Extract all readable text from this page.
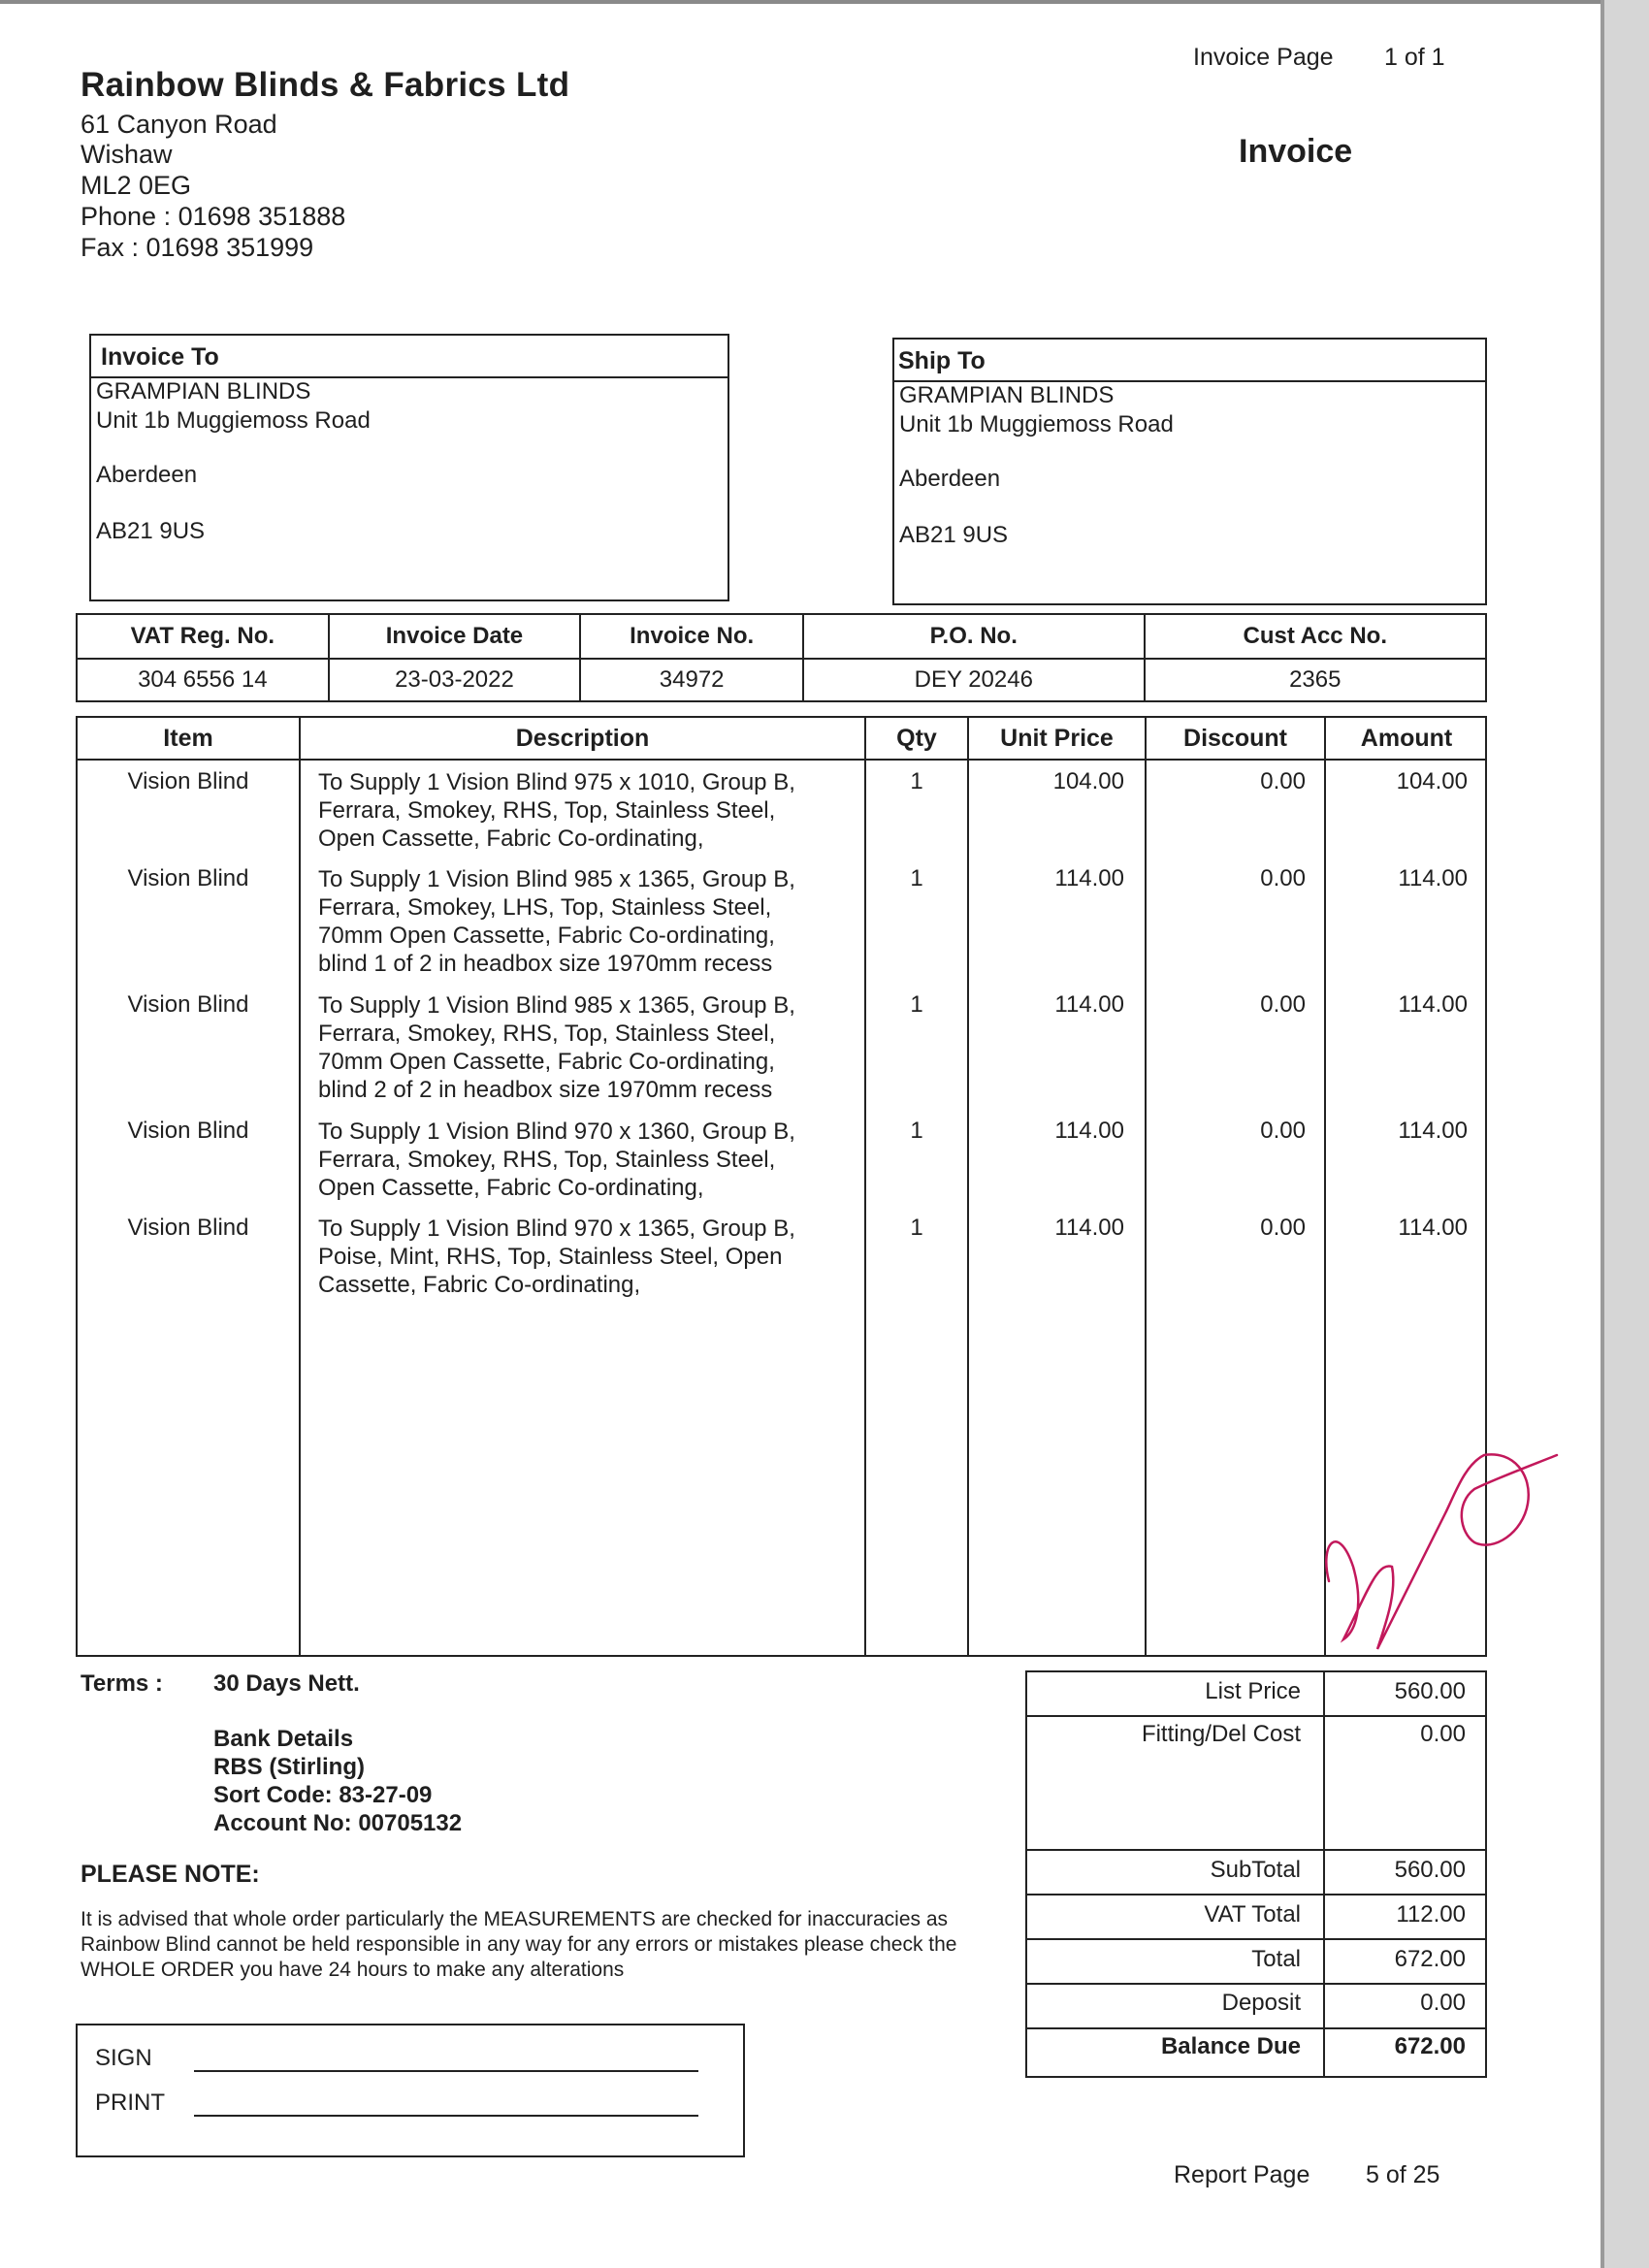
Rainbow Blinds & Fabrics Ltd
61 Canyon Road
Wishaw
ML2 0EG
Phone : 01698 351888
Fax : 01698 351999
Invoice Page 1 of 1
Invoice
Invoice To
GRAMPIAN BLINDS
Unit 1b Muggiemoss Road
Aberdeen
AB21 9US
Ship To
GRAMPIAN BLINDS
Unit 1b Muggiemoss Road
Aberdeen
AB21 9US
VAT Reg. No.	Invoice Date	Invoice No.	P.O. No.	Cust Acc No.
304 6556 14	23-03-2022	34972	DEY 20246	2365
Item	Description	Qty	Unit Price	Discount	Amount
Vision Blind	To Supply 1 Vision Blind 975 x 1010, Group B,
Ferrara, Smokey, RHS, Top, Stainless Steel,
Open Cassette, Fabric Co-ordinating,
1	104.00	0.00	104.00
Vision Blind	To Supply 1 Vision Blind 985 x 1365, Group B,
Ferrara, Smokey, LHS, Top, Stainless Steel,
70mm Open Cassette, Fabric Co-ordinating,
blind 1 of 2 in headbox size 1970mm recess
1	114.00	0.00	114.00
Vision Blind	To Supply 1 Vision Blind 985 x 1365, Group B,
Ferrara, Smokey, RHS, Top, Stainless Steel,
70mm Open Cassette, Fabric Co-ordinating,
blind 2 of 2 in headbox size 1970mm recess
1	114.00	0.00	114.00
Vision Blind	To Supply 1 Vision Blind 970 x 1360, Group B,
Ferrara, Smokey, RHS, Top, Stainless Steel,
Open Cassette, Fabric Co-ordinating,
1	114.00	0.00	114.00
Vision Blind	To Supply 1 Vision Blind 970 x 1365, Group B,
Poise, Mint, RHS, Top, Stainless Steel, Open
Cassette, Fabric Co-ordinating,
1	114.00	0.00	114.00
Terms : 30 Days Nett.
Bank Details
RBS (Stirling)
Sort Code: 83-27-09
Account No: 00705132
PLEASE NOTE:
It is advised that whole order particularly the MEASUREMENTS are checked for inaccuracies as Rainbow Blind cannot be held responsible in any way for any errors or mistakes please check the WHOLE ORDER you have 24 hours to make any alterations
List Price	560.00
Fitting/Del Cost	0.00
SubTotal	560.00
VAT Total	112.00
Total	672.00
Deposit	0.00
Balance Due	672.00
SIGN
PRINT
Report Page 5 of 25
